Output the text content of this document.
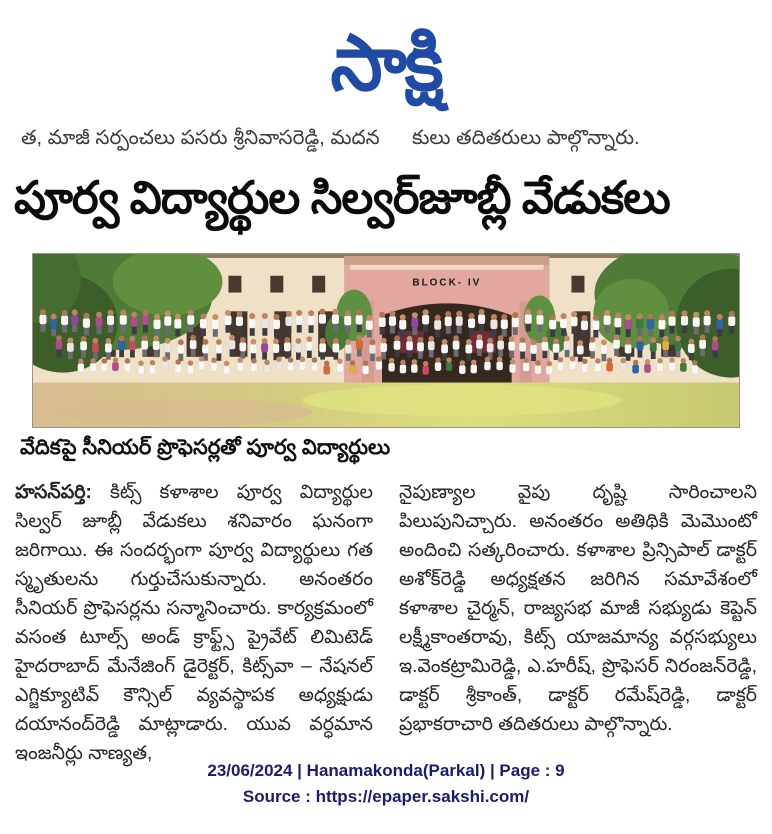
సాక్షి
త, మాజీ సర్పంచలు పసరు శ్రీనివాసరెడ్డి, మదన కులు తదితరులు పాల్గొన్నారు.
పూర్వ విద్యార్థుల సిల్వర్‌జూబ్లీ వేడుకలు
BLOCK- IV
వేదికపై సీనియర్ ప్రొఫెసర్లతో పూర్వ విద్యార్థులు
హసన్‌పర్తి: కిట్స్ కళాశాల పూర్వ విద్యార్థుల సిల్వర్ జూబ్లీ వేడుకలు శనివారం ఘనంగా జరిగాయి. ఈ సందర్భంగా పూర్వ విద్యార్థులు గత స్మృతులను గుర్తుచేసుకున్నారు. అనంతరం సీనియర్ ప్రొఫెసర్లను సన్మానించారు. కార్యక్రమంలో వసంత టూల్స్ అండ్ క్రాఫ్ట్స్ ప్రైవేట్ లిమిటెడ్ హైదరాబాద్ మేనేజింగ్ డైరెక్టర్, కిట్స్‌వా – నేషనల్ ఎగ్జిక్యూటివ్ కౌన్సిల్ వ్యవస్థాపక అధ్యక్షుడు దయానంద్‌రెడ్డి మాట్లాడారు. యువ వర్ధమాన ఇంజనీర్లు నాణ్యత,
నైపుణ్యాల వైపు దృష్టి సారించాలని పిలుపునిచ్చారు. అనంతరం అతిథికి మెమొంటో అందించి సత్కరించారు. కళాశాల ప్రిన్సిపాల్ డాక్టర్ అశోక్‌రెడ్డి అధ్యక్షతన జరిగిన సమావేశంలో కళాశాల చైర్మన్, రాజ్యసభ మాజీ సభ్యుడు కెప్టెన్ లక్ష్మీకాంతరావు, కిట్స్ యాజమాన్య వర్గసభ్యులు ఇ.వెంకట్రామిరెడ్డి, ఎ.హరీష్, ప్రొఫెసర్ నిరంజన్‌రెడ్డి, డాక్టర్ శ్రీకాంత్, డాక్టర్ రమేష్‌రెడ్డి, డాక్టర్ ప్రభాకరాచారి తదితరులు పాల్గొన్నారు.
23/06/2024 | Hanamakonda(Parkal) | Page : 9
Source : https://epaper.sakshi.com/
